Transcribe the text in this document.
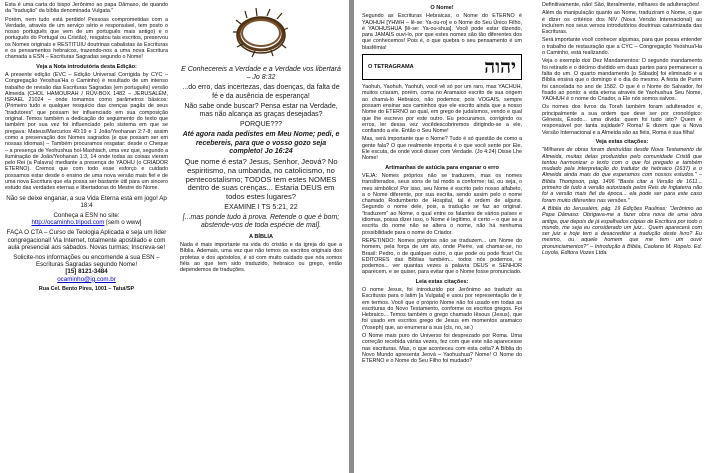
Esta é uma carta do bispo Jerônimo ao papa Dâmaso, de quando da "tradução" da bíblia denominada Vulgata."

Porém, nem tudo está perdido! Pessoas comprometidas com a Verdade, através de um serviço sério e responsável, tem posto o nosso português que vem de um português mais antigo) e o português do Portugal ou Cristão), resgatou tais escritos, preservou os Nomes originais e RESTITUIU doutrinas cabalistas às Escrituras e os pensamentos hebraicos, trazendo-nos a uma nova Escritura chamada a ESN – Escrituras Sagradas segundo o Nome!

Veja a Nota introdutória desta Edição:

A presente edição (EVC – Edição Universal Corrigida by CYC – Congregação Yeoshua'Ha o Caminho) é resultado de um intenso trabalho de revisão das Escrituras Sagradas (em português) versão Almeida (CHOL HAMOURAH / RÜV-BOX 1482 – JERUSALÉM, ISRAEL 21024 – onde tomamos como parâmetros básicos: (Primeiro tudo e qualquer resquício das crenças pagãs de seus "tradutores" que possam ter influenciado em sua composição original. Temos também a dedicação do seguimento do texto que também por sua vez foi influenciado pelo sistema em que se pregava: Mateus/Marcurios 40:19 e 1 João/Yeohanan 2:7-8; assim como a preservação dos Nomes sagrados (e que possam ser em nossas idiomas) – Também procuramos resgatar: desde o Cheque – a presença de Yeohushua hol-Mashiach, uma vez que, segundo a iluminação de João/Yeohanan 1:3, 14 onde todas as coisas vieram pelo Rei (a Palavra) mediante a presença de YAOHU (o CRIADOR ETERNO). Cremos que com todo esse esforço e cuidado possamos estar desde o ensino de uma nova versão mais fiel e de uma nova Escritura que ela possa ser bastante útil para um sincero estudo das verdades eternas e libertadoras do Mestre do Nome.

Não se deixe enganar, a sua Vida Eterna está em jogo! Ap 18:4
Conheça a ESN no site:
http://ocaminho.tripod.com [sem o www]
FAÇA O CTA – Curso de Teologia Aplicada e seja um líder congregacional! Via Internet, totalmente apostilado e com aula presencial aos sábados. Novas turmas; Inscreva-se!
Solicite-nos informações ou encomende a sua ESN – Escrituras Sagradas segundo Nome!
[15] 8121-3484
ocaminho@ig.com.br
Rua Cel. Bento Pires, 1001 – Tatuí/SP
E Conhecereis a Verdade e a Verdade vos libertará – Jo 8:32
...do erro, das incertezas, das doenças, da falta de fé e da ausência de esperança!
Não sabe onde buscar? Pensa estar na Verdade, mas não alcança as graças desejadas?
PORQUE???
Até agora nada pedistes em Meu Nome; pedi, e recebereis, para que o vosso gozo seja completo! Jo 16:24
Que nome é esta? Jesus, Senhor, Jeová? No espiritismo, na umbanda, no catolicismo, no pentecostalismo; TODOS tem estes NOMES dentro de suas crenças... Estaria DEUS em todos estes lugares?
EXAMINE I TS 5:21, 22
[...mas ponde tudo à prova. Retende o que é bom; abstende-vos de toda espécie de mal].
A BÍBLIA

Nada é mais importante na vida do cristão e da igreja do que a Bíblia. Ademais, uma vez que não temos os escritos originais dos profetas e dos apóstolos, é só com muito cuidado que nós somos fiéis ao que tem sido traduzido, hebraico ou grego, então dependemos de traduções.

O Nome!

Segundo as Escrituras Hebraicas, o Nome do ETERNO é YAOHUH [YHWH – lê-se: Ya-ou-ro] e o Nome do Seu Único Filho, é YAOHUSHUA [lê-se: Ya-ou-shua]. Você pode estar dizendo, para JAMAIS ouvi-lo, por que estes nomes são tão diferentes dos que conhecemos! Pois é, o que quebra o seu pensamento é um blasfêmia!

O TETRAGRAMA	יהוה

Yaohuh, Yaohuh, Yaohuh, você vê só por um raro, mas YACHUH, muitos criaram, porém, coma no Aramaico escrito de sua origem ao chamá-lo Hebraico, não podemos; pois VOGAIS, sempre possam ensinar aos caminhos que ele escrito ainda que a nosso Nome do ETERNO ao qual, em grego de judaísmos, vendo e qual que lhe escrevo por este outro. Eu procuramos, corrigindo os erros, ler dessa vez vocêdescobriremos dirigindo-se a ele, confiando a ele. Então o Seu Nome!

Mas, será importante que o Nome? Tudo é só questão de como a gente fala? O que realmente importa é o que você sente por Ele. Ele escuta, de onde você disser com Verdade. (Jo 4:24) Disse Lhe Nome!

Artimanhas de astúcia para enganar o erro

VEJA: Nomes próprios não se traduzem, mas os nomes transliterados, seus sons de tal modo a conforme; tal, ou seja, o meu simbólico! Por isso, seu Nome é escrito pelo nosso alfabeto, a o Nome diferente, por sua escrita, sendo assim pelo o nome chamado Rodumberto de Hospital, tal é ordem de alguns. Segundo o nome dele, pois, a tradução se faz ao original. "traduzem" ao Nome, o qual entre os falantes de vários países e idiomas, possa dizer isso, o Nome é legítimo, é certo – o que se a escrita do nome não se altera o nome, não há nenhuma possibilidade para o nome do Criador.

REPETINDO: Nomes próprios não se traduzem... um Nome do homem, pela força de um ato, onde Pierre, vai chamar-se, no Brasil: Pedro, o de qualquer outro, o que pode ou pode ficar! Os EDITORES das Bíblias também... todos nós podemos, e podemos... ver quantas vezes a palavra DEUS e SENHOR aparecem, e se quiser, para evitar que o Nome fosse pronunciado.

Leia estas citações:

O nome Jesus, foi introduzido por Jerônimo ao traduzir as Escrituras para o latim [a Vulgata] e usou por representação de ir em termos. Você que o próprio Nome não foi usado em todas as escrituras do Novo Testamento, conforme os escritos gregos. Foi Hebraico... Temos também o grego chamado Iêsous (Jesus), que foi usado em escritos grego de Jesus em momentos aramaico (Yoseph) que, ao enumerar a sua (cls, no, se.)

O Nome mais puro do Universo foi desprezado por Roma. Uma correção recebida várias vezes, fez com que este não aparecesse nas escrituras. Mas, o que aconteceu com esta ceita? A Bíblia do Novo Mundo apresenta Jeová – Yaohushua? Nome! O Nome do ETERNO e o Nome do Seu Filho foi mudado?

Definitivamente, não! São, literalmente, milhares de adulterações!

Além da manipulação quanto ao Nome, traduziram o Nome, o que é dizer os critérios dos NIV (Nova Versão Internacional) ao incluírem nos seus versos introdutórios doutrinas catarinizada das Escrituras.

Será importante você conhecer algumas, para que possa entender o trabalho de restauração que a CYC – Congregação Yeoshua'Ha o Caminho, está realizando.

Veja o exemplo dos Dez Mandamentos: O segundo mandamento foi retirado e o décimo dividido em duas partes para permanecer a falta do um. O quarto mandamento [o Sábado] foi eliminado e a Bíblia ensina que o domingo é o dia do mesmo. A festa de Purim foi cancelada no ano de 1582. O que é o Nome do Salvador, foi fixado ao ponto: a vida eterna através de Yaohushua Seu Nome, YAOHUH é o nome do Criador, a Ele nós somos salvos.

Os nomes dos livros da Torah também foram adulterados e, principalmente a sua ordem que deve ser por cronológico: Gênesis, Êxodo... uma dívida: quem foi tudo isto? Quem é responsável por tanta sujidade? Roma! E dizem que a Nova Versão Internacional e a Almeida são as fiéis, Roma é sua filha!

Veja estas citações:

"Milhares de obras foram destruídas desde Nova Testamento de Almeida, muitas delas produzidas pelo comunidade Cristã que tentou harmonizar o texto com o que foi pregado e também mudado pela interpretação do tradutor de hebraico (1637) e o Almeida ainda mais do que esperamos com nossos estudos." – Bíblia Thompson, pág. 1496 "Basta citar a Versão de 1611... primeiro de tudo a versão autorizada pelos Reis de Inglaterra não foi a versão mais fiel da época... ela pode ser para este caso foram muito diferentes nas versões."

A Bíblia do Jerusalém, pág. 19 Edições Paulinas; "Jerônimo ao Papa Dâmaso: Obrigava-me a fazer obra nova de uma obra antiga, que depois de já espalhados cópias de Escritura por todo o mundo, me seja eu considerado um juiz... Quem aparecerá com ser juiz e hoje tem a desacreditar a tradução deste livro? Eu mesmo, ou aquele homem que me tem um ouvir pronunciamentos?" – Introdução à Bíblia, Caolano M. Ropelo. Ed. Loyola, Editora Vozes Ltda.
